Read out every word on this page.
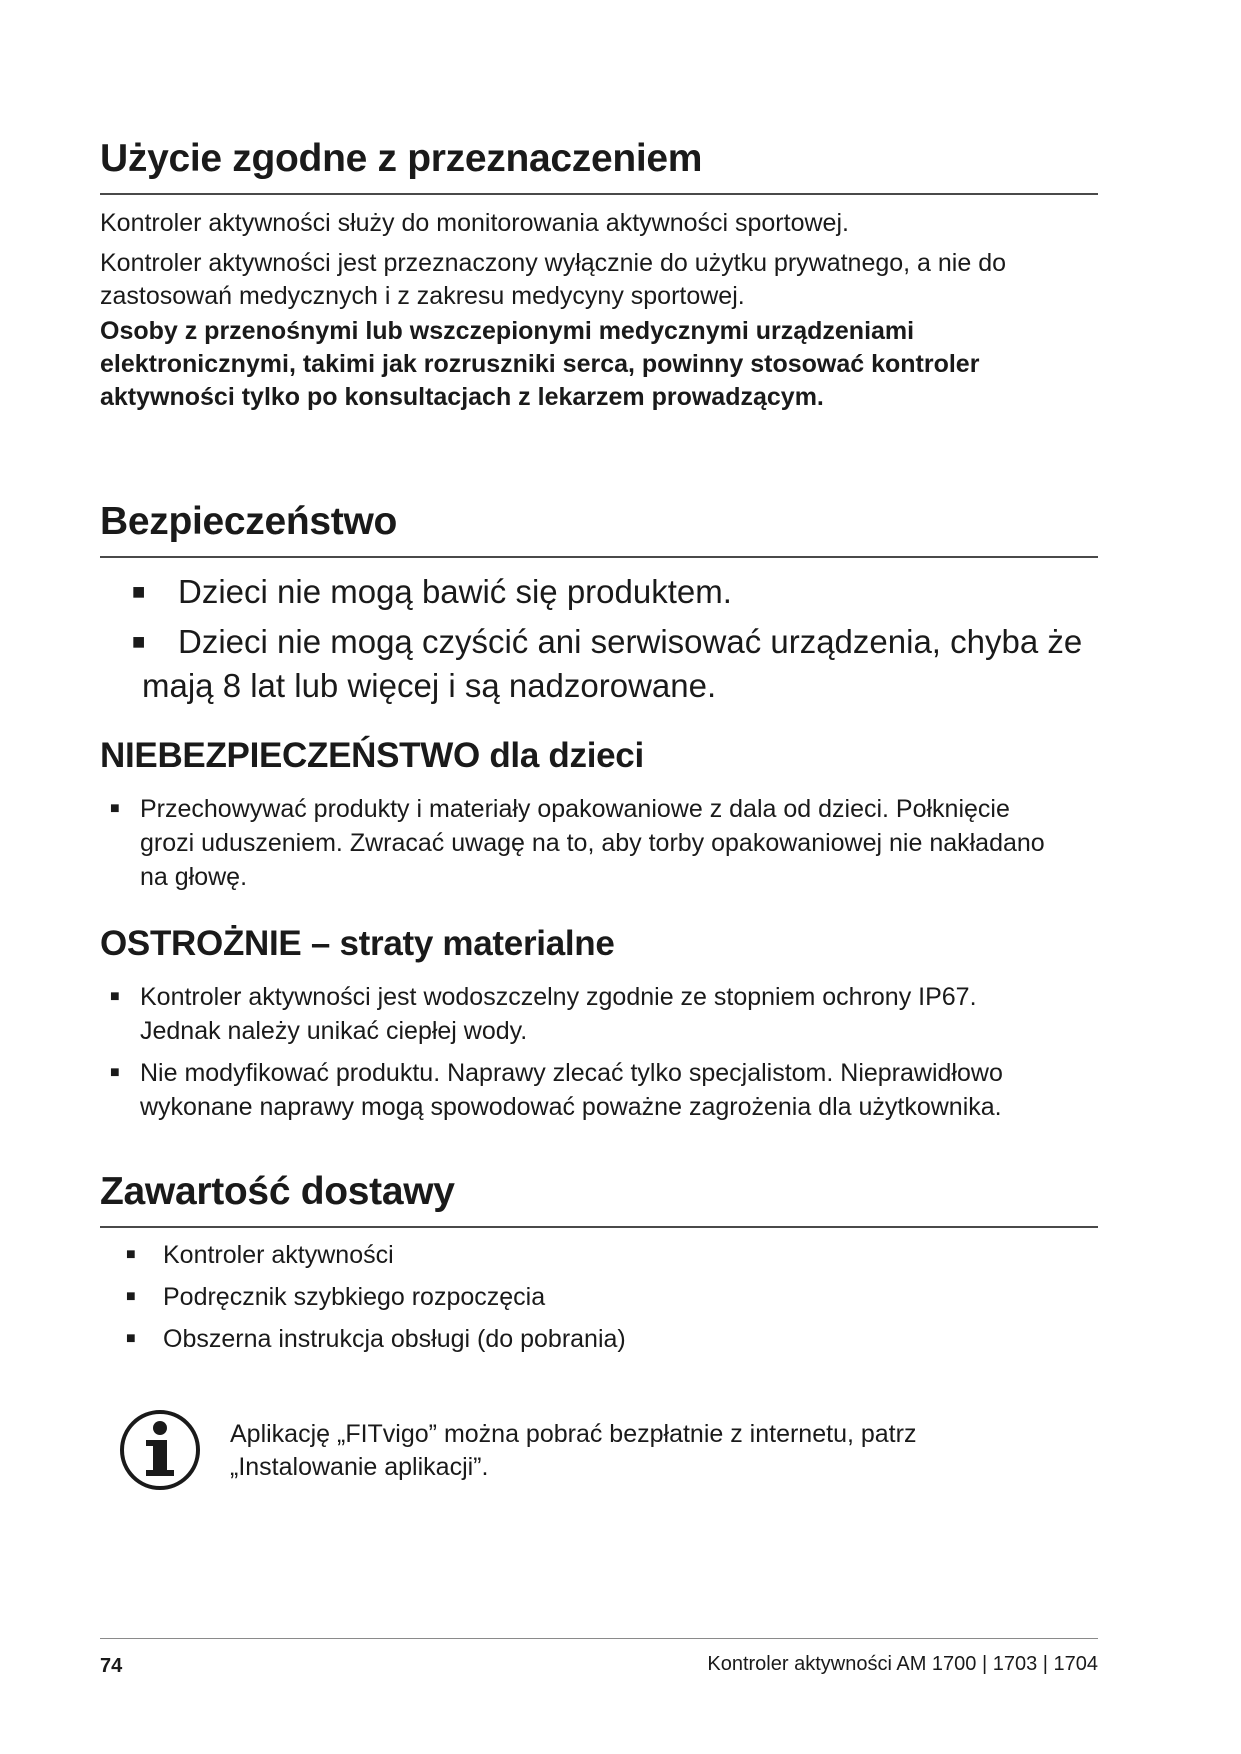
Użycie zgodne z przeznaczeniem

Kontroler aktywności służy do monitorowania aktywności sportowej.

Kontroler aktywności jest przeznaczony wyłącznie do użytku prywatnego, a nie do

zastosowań medycznych i z zakresu medycyny sportowej.

Osoby z przenośnymi lub wszczepionymi medycznymi urządzeniami

elektronicznymi, takimi jak rozruszniki serca, powinny stosować kontroler

aktywności tylko po konsultacjach z lekarzem prowadzącym.

Bezpieczeństwo
■ Dzieci nie mogą bawić się produktem.
■ Dzieci nie mogą czyścić ani serwisować urządzenia, chyba że
mają 8 lat lub więcej i są nadzorowane.
NIEBEZPIECZEŃSTWO dla dzieci
■ Przechowywać produkty i materiały opakowaniowe z dala od dzieci. Połknięcie
grozi uduszeniem. Zwracać uwagę na to, aby torby opakowaniowej nie nakładano
na głowę.
OSTROŻNIE – straty materialne
■ Kontroler aktywności jest wodoszczelny zgodnie ze stopniem ochrony IP67.
Jednak należy unikać ciepłej wody.
■ Nie modyfikować produktu. Naprawy zlecać tylko specjalistom. Nieprawidłowo
wykonane naprawy mogą spowodować poważne zagrożenia dla użytkownika.
Zawartość dostawy
■ Kontroler aktywności
■ Podręcznik szybkiego rozpoczęcia
■ Obszerna instrukcja obsługi (do pobrania)
Aplikację „FITvigo” można pobrać bezpłatnie z internetu, patrz
„Instalowanie aplikacji”.
74	Kontroler aktywności AM 1700 | 1703 | 1704
